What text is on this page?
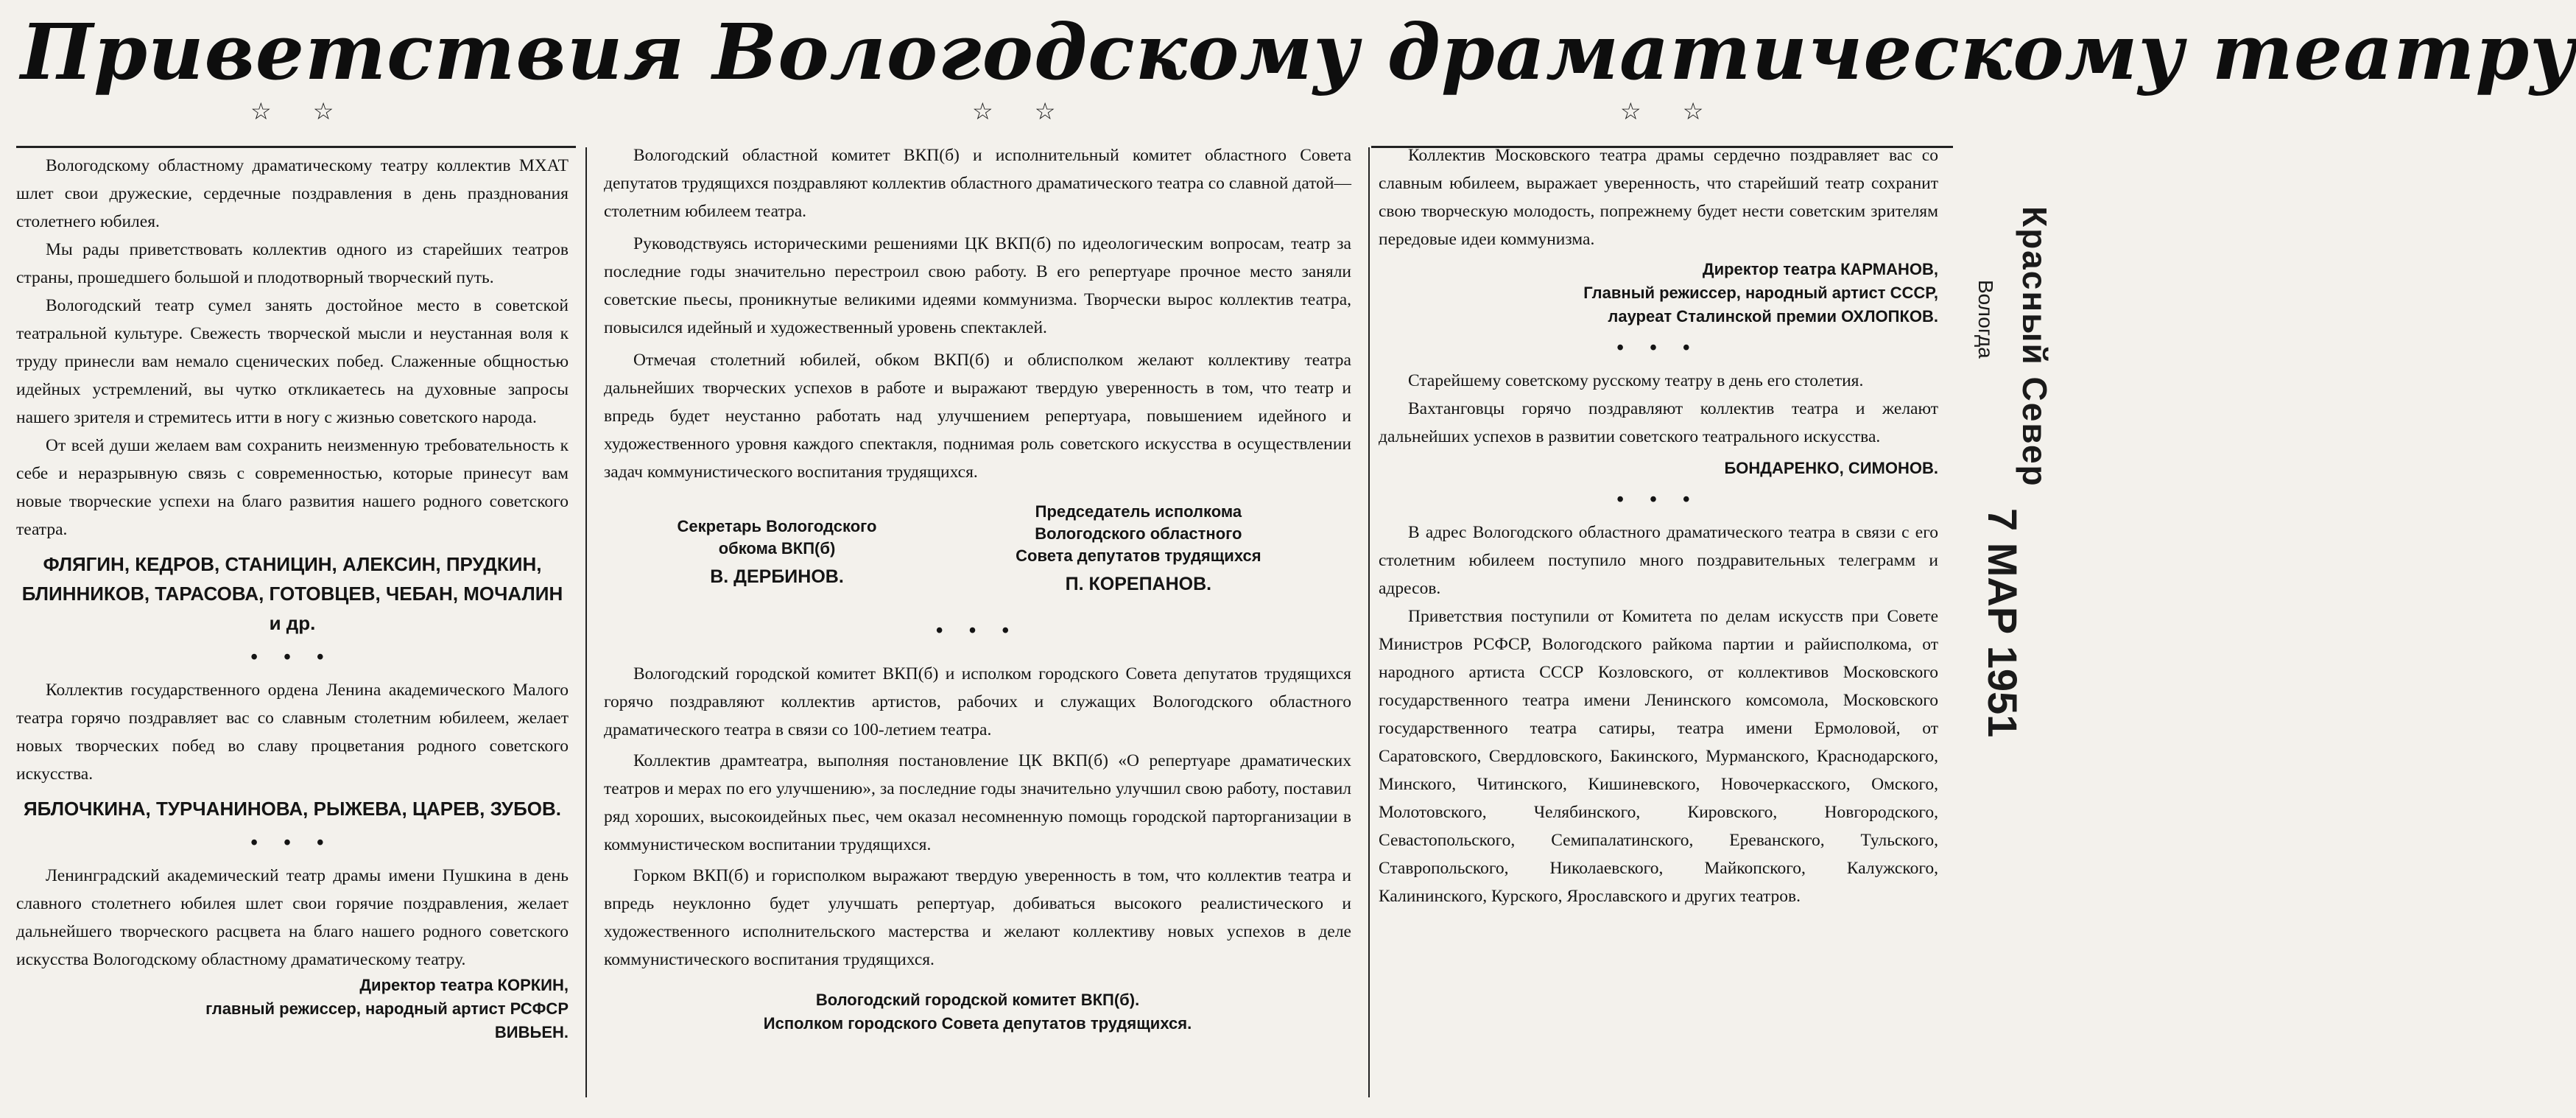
Приветствия Вологодскому драматическому театру
☆ ☆	☆ ☆	☆ ☆

Вологодскому областному драматическому театру коллектив МХАТ шлет свои дружеские, сердечные поздравления в день празднования столетнего юбилея.

Мы рады приветствовать коллектив одного из старейших театров страны, прошедшего большой и плодотворный творческий путь.

Вологодский театр сумел занять достойное место в советской театральной культуре. Свежесть творческой мысли и неустанная воля к труду принесли вам немало сценических побед. Слаженные общностью идейных устремлений, вы чутко откликаетесь на духовные запросы нашего зрителя и стремитесь итти в ногу с жизнью советского народа.

От всей души желаем вам сохранить неизменную требовательность к себе и неразрывную связь с современностью, которые принесут вам новые творческие успехи на благо развития нашего родного советского театра.

ФЛЯГИН, КЕДРОВ, СТАНИЦИН, АЛЕКСИН, ПРУДКИН, БЛИННИКОВ, ТАРАСОВА, ГОТОВЦЕВ, ЧЕБАН, МОЧАЛИН и др.
• • •

Коллектив государственного ордена Ленина академического Малого театра горячо поздравляет вас со славным столетним юбилеем, желает новых творческих побед во славу процветания родного советского искусства.

ЯБЛОЧКИНА, ТУРЧАНИНОВА, РЫЖЕВА, ЦАРЕВ, ЗУБОВ.
• • •

Ленинградский академический театр драмы имени Пушкина в день славного столетнего юбилея шлет свои горячие поздравления, желает дальнейшего творческого расцвета на благо нашего родного советского искусства Вологодскому областному драматическому театру.

Директор театра КОРКИН,
главный режиссер, народный артист РСФСР
ВИВЬЕН.

Вологодский областной комитет ВКП(б) и исполнительный комитет областного Совета депутатов трудящихся поздравляют коллектив областного драматического театра со славной датой—столетним юбилеем театра.

Руководствуясь историческими решениями ЦК ВКП(б) по идеологическим вопросам, театр за последние годы значительно перестроил свою работу. В его репертуаре прочное место заняли советские пьесы, проникнутые великими идеями коммунизма. Творчески вырос коллектив театра, повысился идейный и художественный уровень спектаклей.

Отмечая столетний юбилей, обком ВКП(б) и облисполком желают коллективу театра дальнейших творческих успехов в работе и выражают твердую уверенность в том, что театр и впредь будет неустанно работать над улучшением репертуара, повышением идейного и художественного уровня каждого спектакля, поднимая роль советского искусства в осуществлении задач коммунистического воспитания трудящихся.

Секретарь Вологодского
обкома ВКП(б)
В. ДЕРБИНОВ.

Председатель исполкома
Вологодского областного
Совета депутатов трудящихся
П. КОРЕПАНОВ.
• • •

Вологодский городской комитет ВКП(б) и исполком городского Совета депутатов трудящихся горячо поздравляют коллектив артистов, рабочих и служащих Вологодского областного драматического театра в связи со 100-летием театра.

Коллектив драмтеатра, выполняя постановление ЦК ВКП(б) «О репертуаре драматических театров и мерах по его улучшению», за последние годы значительно улучшил свою работу, поставил ряд хороших, высокоидейных пьес, чем оказал несомненную помощь городской парторганизации в коммунистическом воспитании трудящихся.

Горком ВКП(б) и горисполком выражают твердую уверенность в том, что коллектив театра и впредь неуклонно будет улучшать репертуар, добиваться высокого реалистического и художественного исполнительского мастерства и желают коллективу новых успехов в деле коммунистического воспитания трудящихся.

Вологодский городской комитет ВКП(б).
Исполком городского Совета депутатов трудящихся.

Коллектив Московского театра драмы сердечно поздравляет вас со славным юбилеем, выражает уверенность, что старейший театр сохранит свою творческую молодость, попрежнему будет нести советским зрителям передовые идеи коммунизма.

Директор театра КАРМАНОВ,
Главный режиссер, народный артист СССР,
лауреат Сталинской премии ОХЛОПКОВ.
• • •

Старейшему советскому русскому театру в день его столетия.

Вахтанговцы горячо поздравляют коллектив театра и желают дальнейших успехов в развитии советского театрального искусства.

БОНДАРЕНКО, СИМОНОВ.
• • •

В адрес Вологодского областного драматического театра в связи с его столетним юбилеем поступило много поздравительных телеграмм и адресов.

Приветствия поступили от Комитета по делам искусств при Совете Министров РСФСР, Вологодского райкома партии и райисполкома, от народного артиста СССР Козловского, от коллективов Московского государственного театра имени Ленинского комсомола, Московского государственного театра сатиры, театра имени Ермоловой, от Саратовского, Свердловского, Бакинского, Мурманского, Краснодарского, Минского, Читинского, Кишиневского, Новочеркасского, Омского, Молотовского, Челябинского, Кировского, Новгородского, Севастопольского, Семипалатинского, Ереванского, Тульского, Ставропольского, Николаевского, Майкопского, Калужского, Калининского, Курского, Ярославского и других театров.

Красный Север
Вологда
7 МАР 1951
